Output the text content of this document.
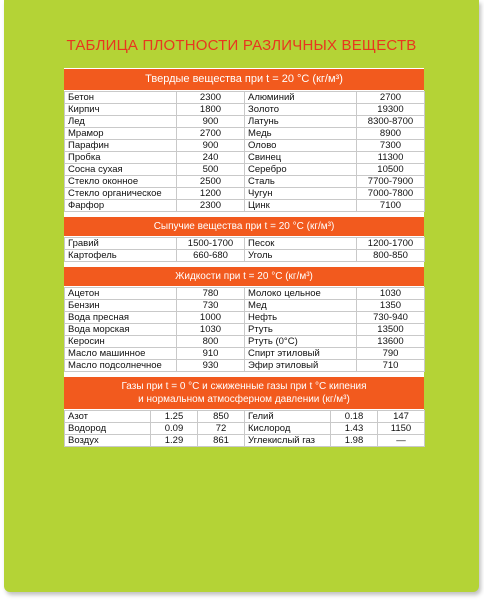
ТАБЛИЦА ПЛОТНОСТИ РАЗЛИЧНЫХ ВЕЩЕСТВ
Твердые вещества при t = 20 °С (кг/м³)
Бетон	2300	Алюминий	2700
Кирпич	1800	Золото	19300
Лед	900	Латунь	8300-8700
Мрамор	2700	Медь	8900
Парафин	900	Олово	7300
Пробка	240	Свинец	11300
Сосна сухая	500	Серебро	10500
Стекло оконное	2500	Сталь	7700-7900
Стекло органическое	1200	Чугун	7000-7800
Фарфор	2300	Цинк	7100
Сыпучие вещества при t = 20 °С (кг/м³)
Гравий	1500-1700	Песок	1200-1700
Картофель	660-680	Уголь	800-850
Жидкости при t = 20 °С (кг/м³)
Ацетон	780	Молоко цельное	1030
Бензин	730	Мед	1350
Вода пресная	1000	Нефть	730-940
Вода морская	1030	Ртуть	13500
Керосин	800	Ртуть (0°С)	13600
Масло машинное	910	Спирт этиловый	790
Масло подсолнечное	930	Эфир этиловый	710
Газы при t = 0 °С и сжиженные газы при t °С кипения
и нормальном атмосферном давлении (кг/м³)
Азот	1.25	850	Гелий	0.18	147
Водород	0.09	72	Кислород	1.43	1150
Воздух	1.29	861	Углекислый газ	1.98	—
